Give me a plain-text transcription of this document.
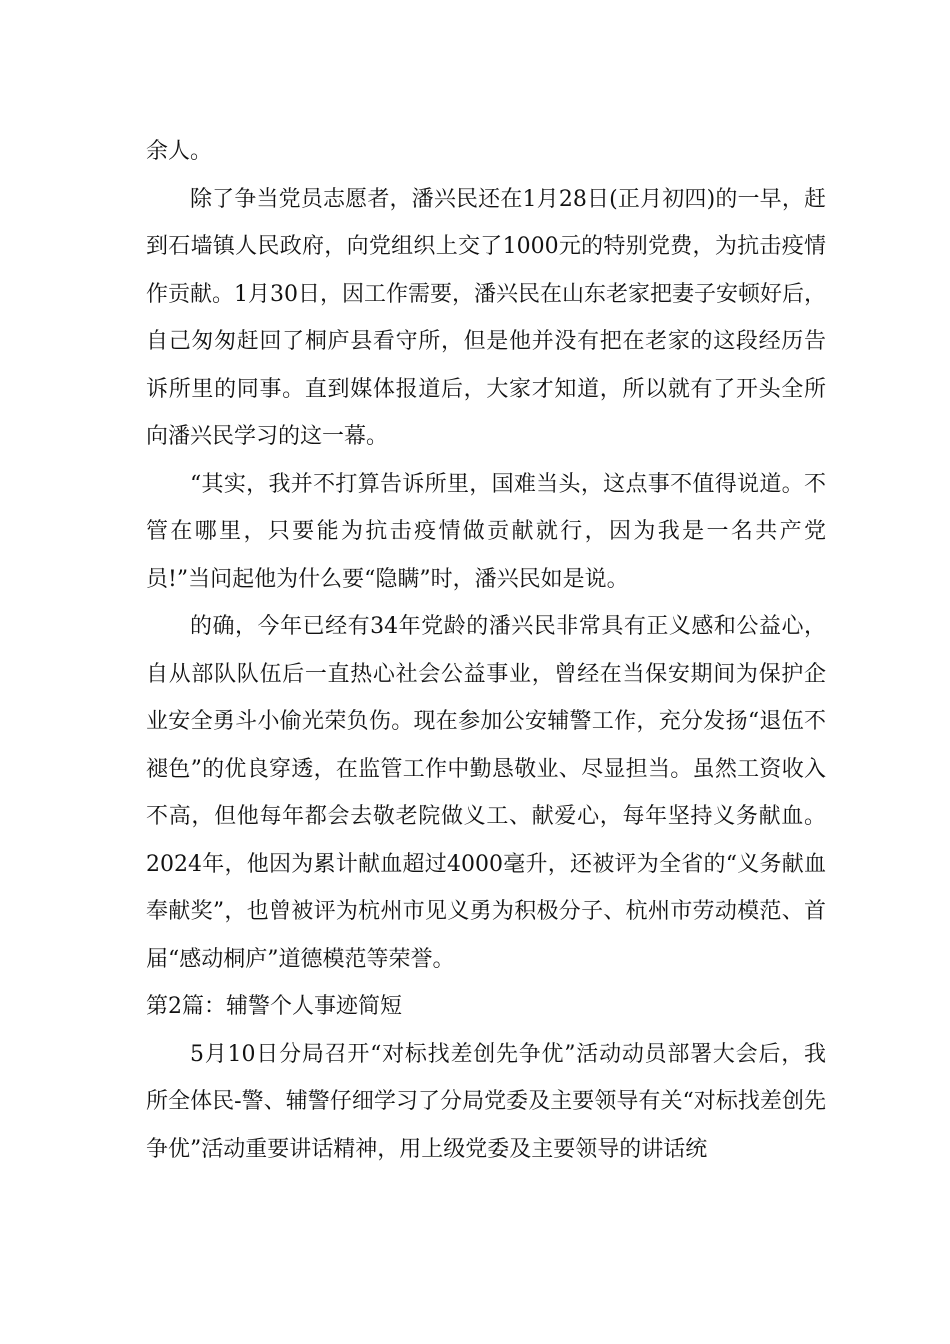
余人。

除了争当党员志愿者，潘兴民还在1月28日(正月初四)的一早，赶到石墙镇人民政府，向党组织上交了1000元的特别党费，为抗击疫情作贡献。1月30日，因工作需要，潘兴民在山东老家把妻子安顿好后，自己匆匆赶回了桐庐县看守所，但是他并没有把在老家的这段经历告诉所里的同事。直到媒体报道后，大家才知道，所以就有了开头全所向潘兴民学习的这一幕。

“其实，我并不打算告诉所里，国难当头，这点事不值得说道。不管在哪里，只要能为抗击疫情做贡献就行，因为我是一名共产党员!”当问起他为什么要“隐瞒”时，潘兴民如是说。

的确，今年已经有34年党龄的潘兴民非常具有正义感和公益心，自从部队队伍后一直热心社会公益事业，曾经在当保安期间为保护企业安全勇斗小偷光荣负伤。现在参加公安辅警工作，充分发扬“退伍不褪色”的优良穿透，在监管工作中勤恳敬业、尽显担当。虽然工资收入不高，但他每年都会去敬老院做义工、献爱心，每年坚持义务献血。2024年，他因为累计献血超过4000毫升，还被评为全省的“义务献血奉献奖”，也曾被评为杭州市见义勇为积极分子、杭州市劳动模范、首届“感动桐庐”道德模范等荣誉。

第2篇：辅警个人事迹简短

5月10日分局召开“对标找差创先争优”活动动员部署大会后，我所全体民-警、辅警仔细学习了分局党委及主要领导有关“对标找差创先争优”活动重要讲话精神，用上级党委及主要领导的讲话统
